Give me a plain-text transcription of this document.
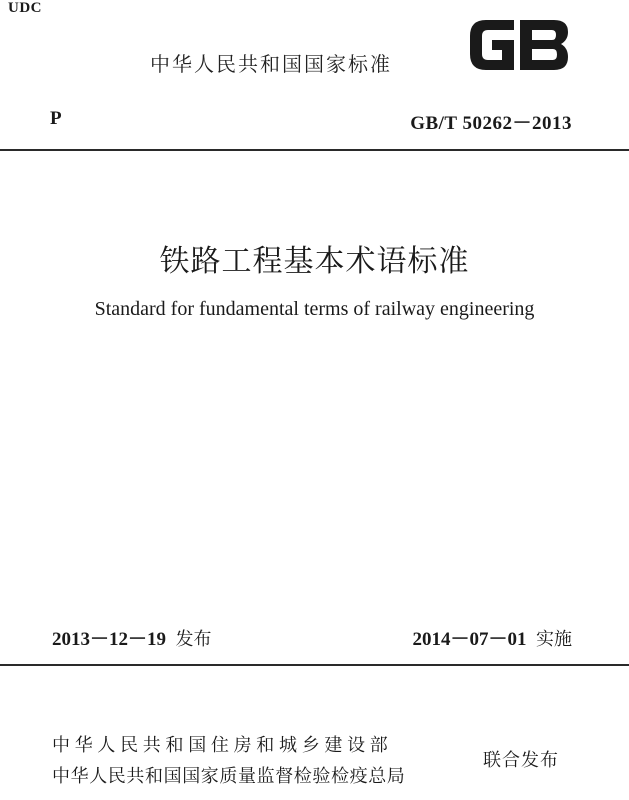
UDC
中华人民共和国国家标准
P	GB/T 50262－2013
铁路工程基本术语标准
Standard for fundamental terms of railway engineering
2013－12－19 发布	2014－07－01 实施
中华人民共和国住房和城乡建设部
中华人民共和国国家质量监督检验检疫总局
联合发布
